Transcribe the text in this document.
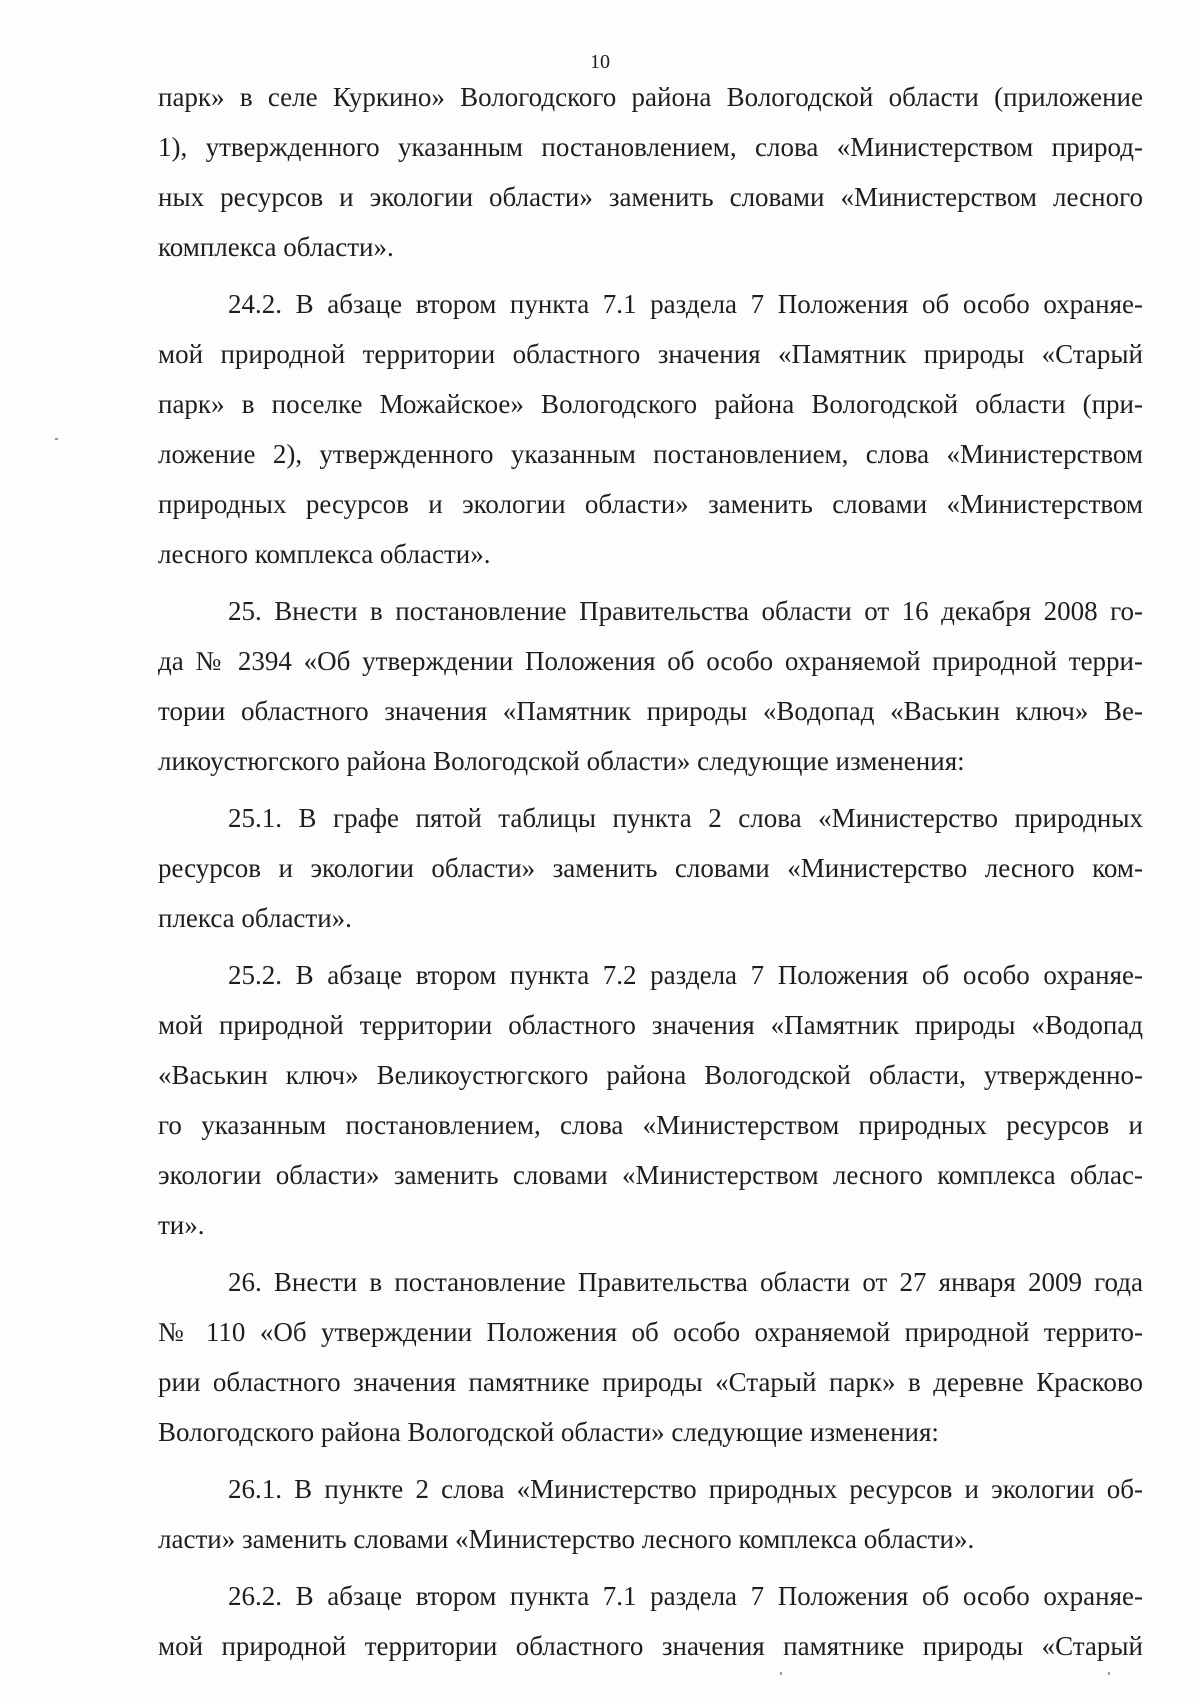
10
парк» в селе Куркино» Вологодского района Вологодской области (приложение
1), утвержденного указанным постановлением, слова «Министерством природ-
ных ресурсов и экологии области» заменить словами «Министерством лесного
комплекса области».
24.2. В абзаце втором пункта 7.1 раздела 7 Положения об особо охраняе-
мой природной территории областного значения «Памятник природы «Старый
парк» в поселке Можайское» Вологодского района Вологодской области (при-
ложение 2), утвержденного указанным постановлением, слова «Министерством
природных ресурсов и экологии области» заменить словами «Министерством
лесного комплекса области».
25. Внести в постановление Правительства области от 16 декабря 2008 го-
да № 2394 «Об утверждении Положения об особо охраняемой природной терри-
тории областного значения «Памятник природы «Водопад «Васькин ключ» Ве-
ликоустюгского района Вологодской области» следующие изменения:
25.1. В графе пятой таблицы пункта 2 слова «Министерство природных
ресурсов и экологии области» заменить словами «Министерство лесного ком-
плекса области».
25.2. В абзаце втором пункта 7.2 раздела 7 Положения об особо охраняе-
мой природной территории областного значения «Памятник природы «Водопад
«Васькин ключ» Великоустюгского района Вологодской области, утвержденно-
го указанным постановлением, слова «Министерством природных ресурсов и
экологии области» заменить словами «Министерством лесного комплекса облас-
ти».
26. Внести в постановление Правительства области от 27 января 2009 года
№ 110 «Об утверждении Положения об особо охраняемой природной террито-
рии областного значения памятнике природы «Старый парк» в деревне Красково
Вологодского района Вологодской области» следующие изменения:
26.1. В пункте 2 слова «Министерство природных ресурсов и экологии об-
ласти» заменить словами «Министерство лесного комплекса области».
26.2. В абзаце втором пункта 7.1 раздела 7 Положения об особо охраняе-
мой природной территории областного значения памятнике природы «Старый
